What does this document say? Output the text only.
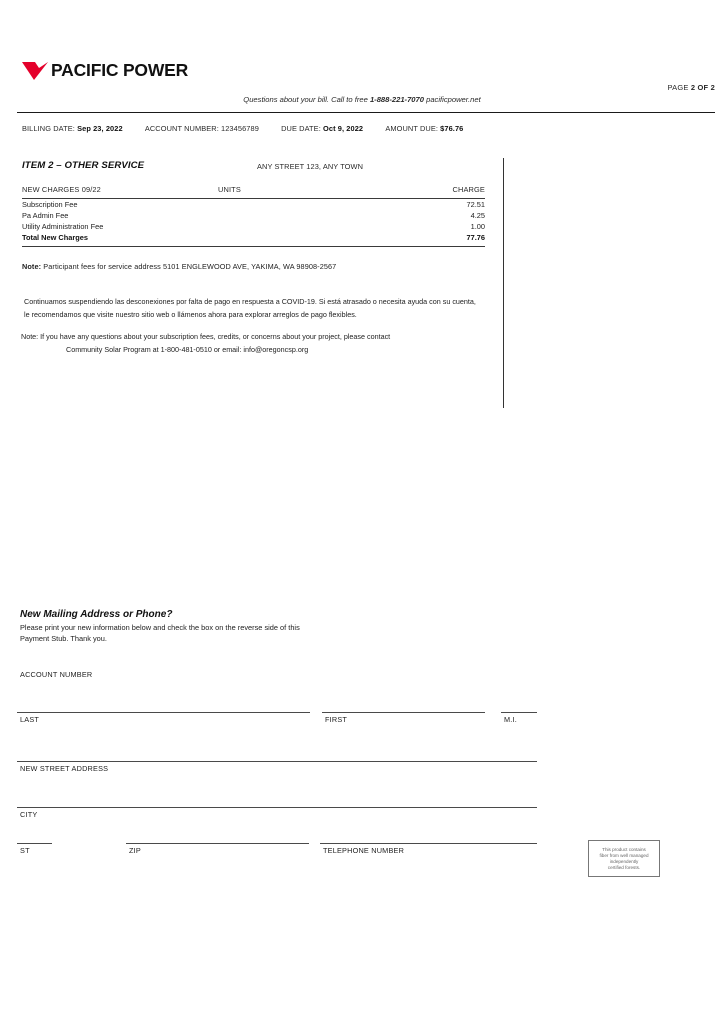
PACIFIC POWER
PAGE 2 OF 2
Questions about your bill. Call to free 1-888-221-7070 pacificpower.net
BILLING DATE: Sep 23, 2022	ACCOUNT NUMBER: 123456789	DUE DATE: Oct 9, 2022	AMOUNT DUE: $76.76
ITEM 2 – OTHER SERVICE	ANY STREET 123, ANY TOWN
NEW CHARGES 09/22	UNITS	CHARGE
Subscription Fee	72.51
Pa Admin Fee	4.25
Utility Administration Fee	1.00
Total New Charges	77.76
Note: Participant fees for service address 5101 ENGLEWOOD AVE, YAKIMA, WA 98908-2567
Continuamos suspendiendo las desconexiones por falta de pago en respuesta a COVID-19. Si está atrasado o necesita ayuda con su cuenta, le recomendamos que visite nuestro sitio web o llámenos ahora para explorar arreglos de pago flexibles.
Note: If you have any questions about your subscription fees, credits, or concerns about your project, please contact
Community Solar Program at 1-800-481-0510 or email: info@oregoncsp.org
New Mailing Address or Phone?
Please print your new information below and check the box on the reverse side of this Payment Stub. Thank you.
ACCOUNT NUMBER
LAST	FIRST	M.I.
NEW STREET ADDRESS
CITY
ST	ZIP	TELEPHONE NUMBER	This product contains
fiber from well managed
independently
certified forests.
